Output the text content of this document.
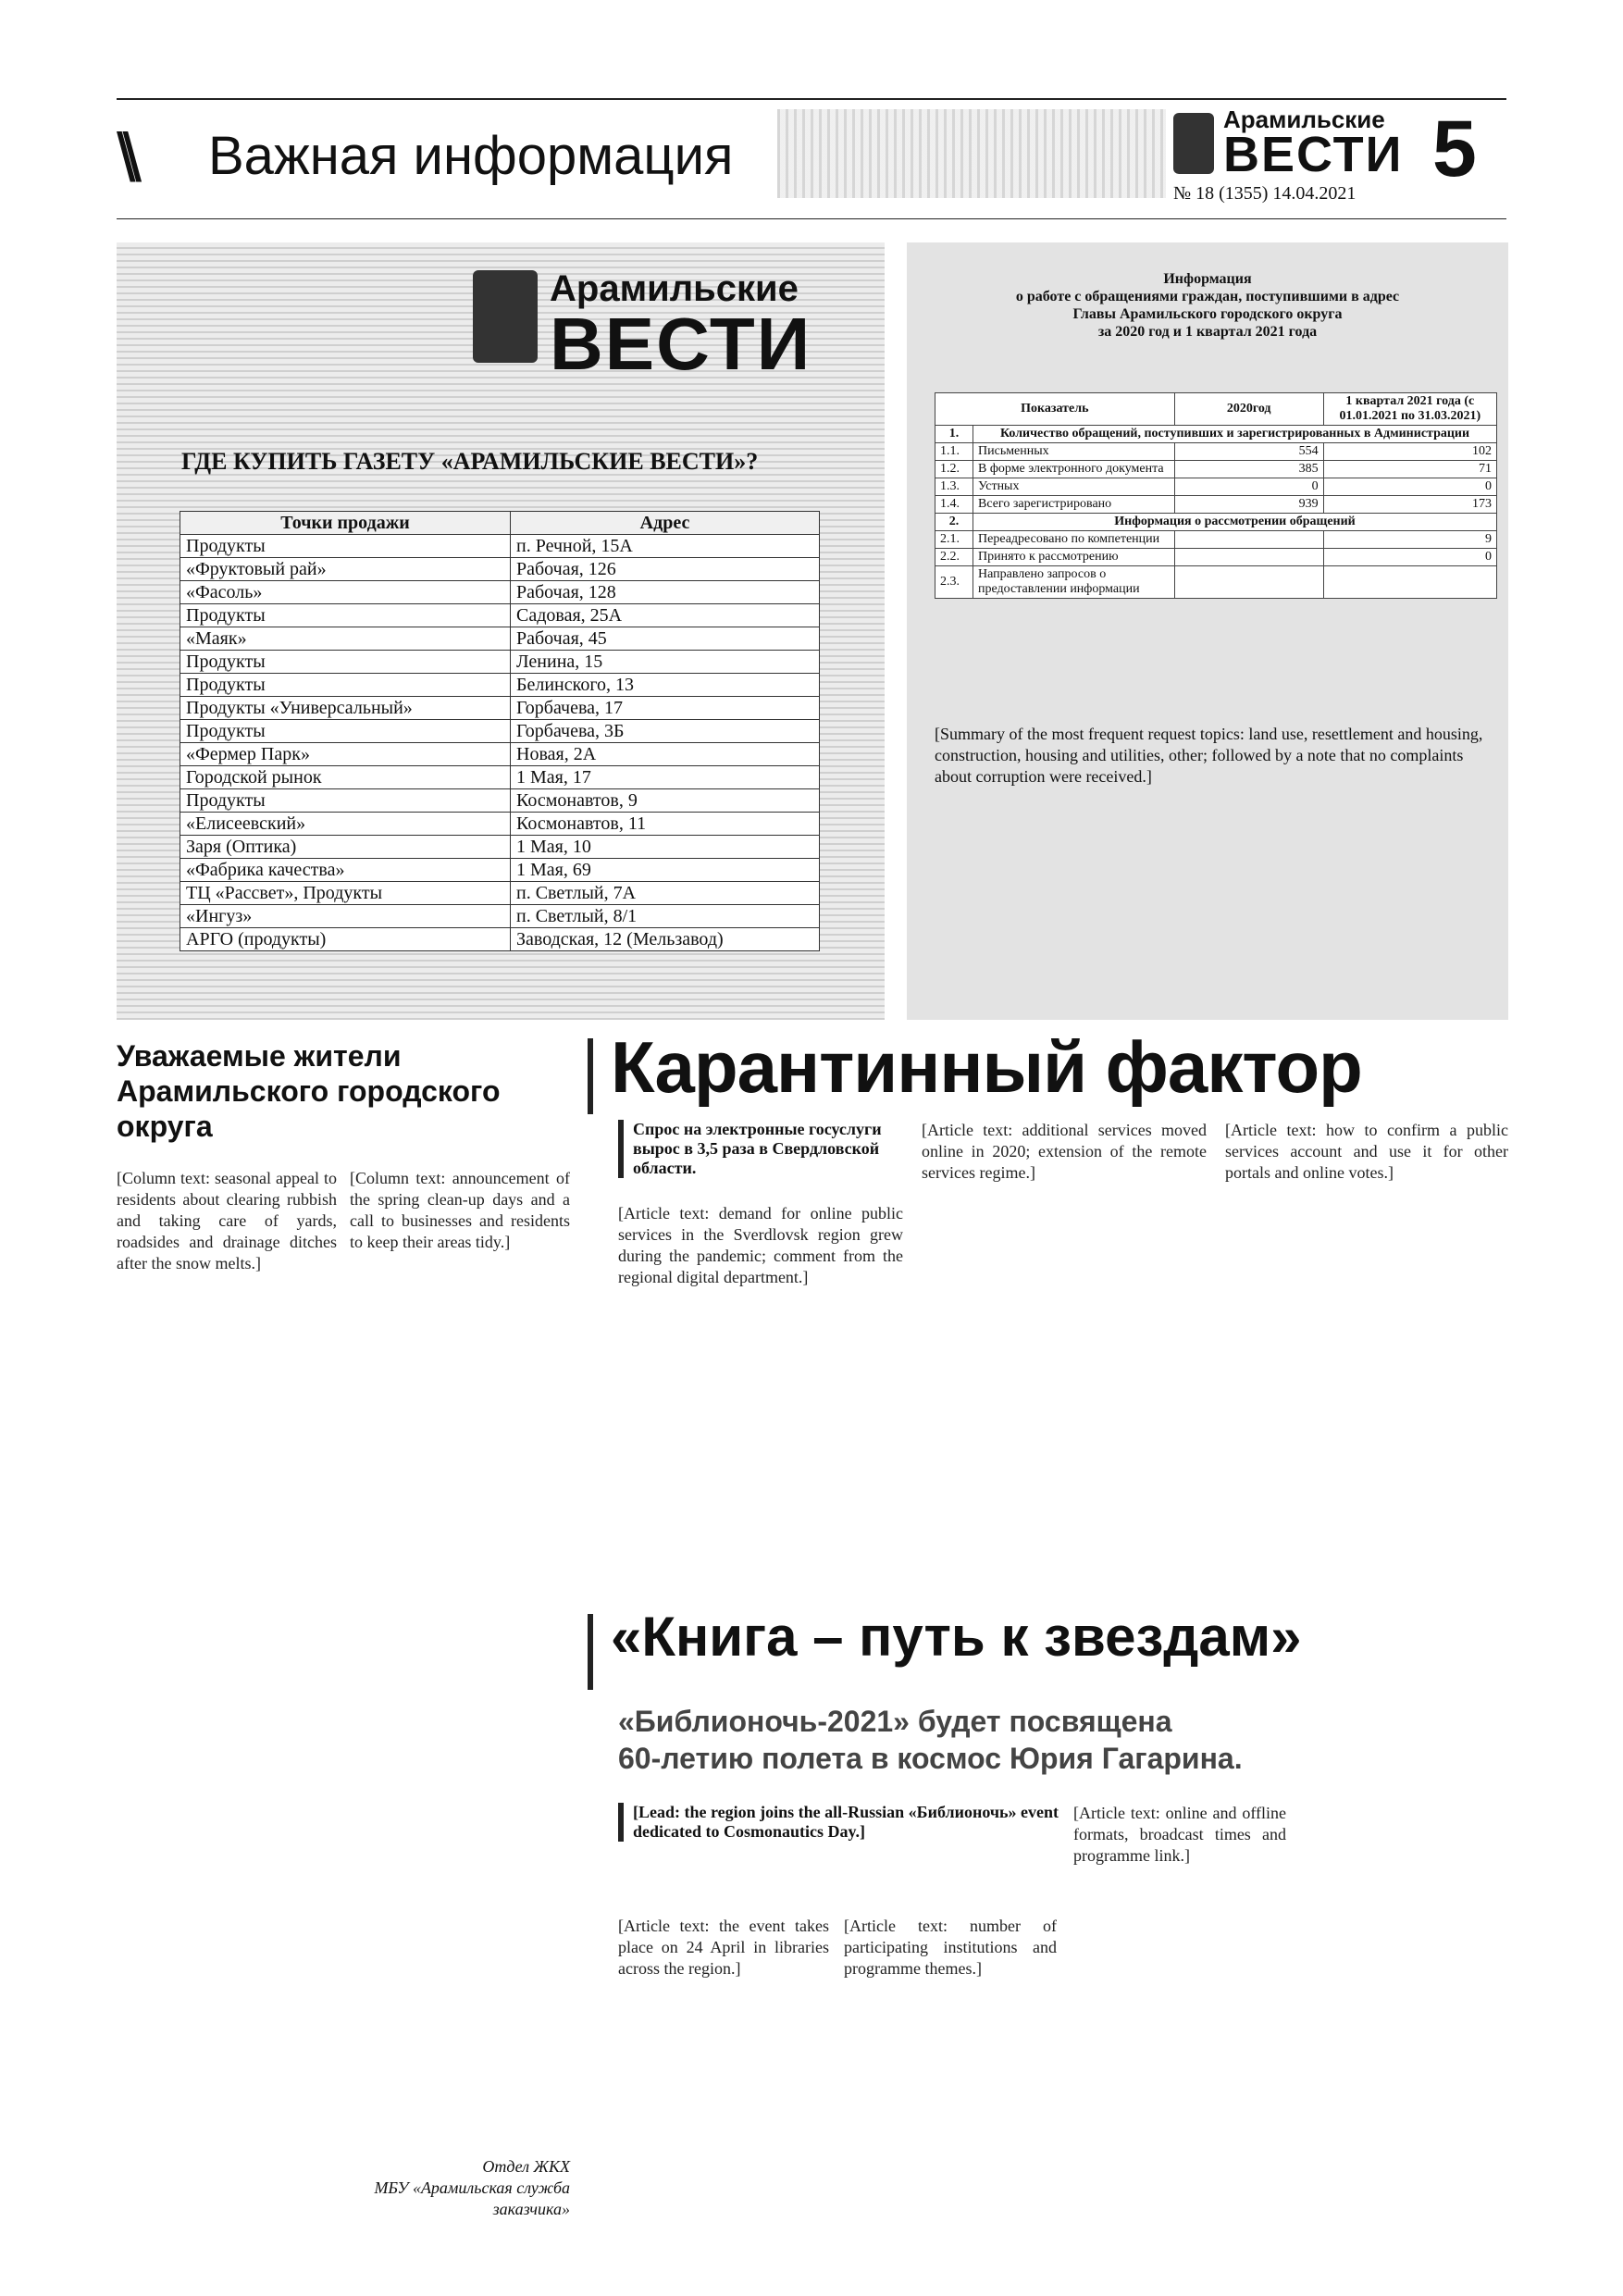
\\ Важная информация
Арамильские
ВЕСТИ
№ 18 (1355) 14.04.2021 5
Арамильские
ВЕСТИ
ГДЕ КУПИТЬ ГАЗЕТУ «АРАМИЛЬСКИЕ ВЕСТИ»?
Точки продажи	Адрес
Продукты	п. Речной, 15А
«Фруктовый рай»	Рабочая, 126
«Фасоль»	Рабочая, 128
Продукты	Садовая, 25А
«Маяк»	Рабочая, 45
Продукты	Ленина, 15
Продукты	Белинского, 13
Продукты «Универсальный»	Горбачева, 17
Продукты	Горбачева, 3Б
«Фермер Парк»	Новая, 2А
Городской рынок	1 Мая, 17
Продукты	Космонавтов, 9
«Елисеевский»	Космонавтов, 11
Заря (Оптика)	1 Мая, 10
«Фабрика качества»	1 Мая, 69
ТЦ «Рассвет», Продукты	п. Светлый, 7А
«Ингуз»	п. Светлый, 8/1
АРГО (продукты)	Заводская, 12 (Мельзавод)
Информация
о работе с обращениями граждан, поступившими в адрес
Главы Арамильского городского округа
за 2020 год и 1 квартал 2021 года
Показатель		2020год	1 квартал 2021 года (с 01.01.2021 по 31.03.2021)
1.	Количество обращений, поступивших и зарегистрированных в Администрации		
1.1.	Письменных	554	102
1.2.	В форме электронного документа	385	71
1.3.	Устных	0	0
1.4.	Всего зарегистрировано	939	173
2.	Информация о рассмотрении обращений		
2.1.	Переадресовано по компетенции		9
2.2.	Принято к рассмотрению		0
2.3.	Направлено запросов о предоставлении информации		
[Summary of the most frequent request topics: land use, resettlement and housing, construction, housing and utilities, other; followed by a note that no complaints about corruption were received.]
Уважаемые жители Арамильского городского округа
[Column text: seasonal appeal to residents about clearing rubbish and taking care of yards, roadsides and drainage ditches after the snow melts.]
[Column text: announcement of the spring clean-up days and a call to businesses and residents to keep their areas tidy.]
Отдел ЖКХ
МБУ «Арамильская служба заказчика»
Карантинный фактор
Спрос на электронные госуслуги вырос в 3,5 раза в Свердловской области.
[Article text: demand for online public services in the Sverdlovsk region grew during the pandemic; comment from the regional digital department.]
[Article text: additional services moved online in 2020; extension of the remote services regime.]
[Article text: how to confirm a public services account and use it for other portals and online votes.]
«Книга – путь к звездам»
«Библионочь-2021» будет посвящена
60-летию полета в космос Юрия Гагарина.
[Lead: the region joins the all-Russian «Библионочь» event dedicated to Cosmonautics Day.]
[Article text: the event takes place on 24 April in libraries across the region.]
[Article text: number of participating institutions and programme themes.]
[Article text: online and offline formats, broadcast times and programme link.]
